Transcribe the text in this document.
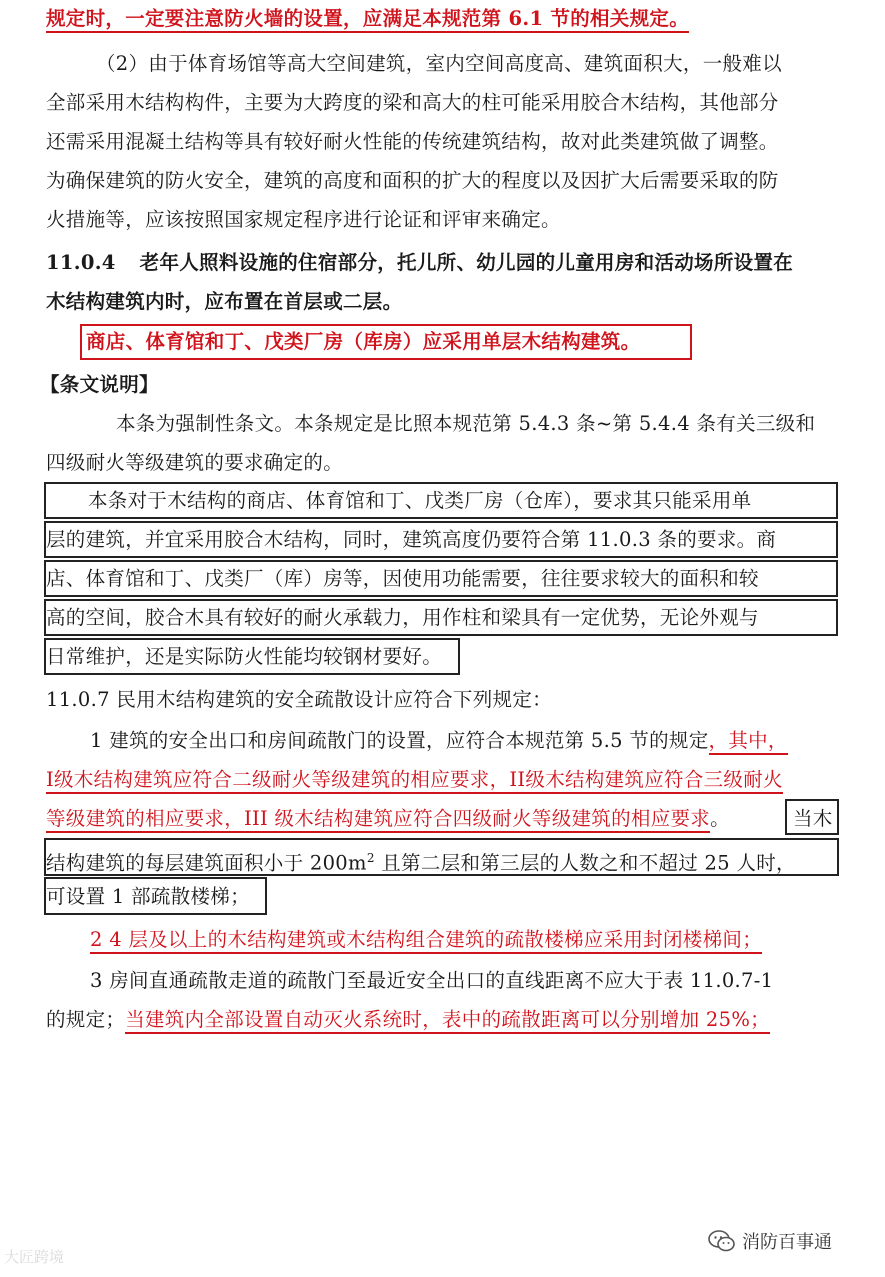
规定时，一定要注意防火墙的设置，应满足本规范第 6.1 节的相关规定。
（2）由于体育场馆等高大空间建筑，室内空间高度高、建筑面积大，一般难以
全部采用木结构构件，主要为大跨度的梁和高大的柱可能采用胶合木结构，其他部分
还需采用混凝土结构等具有较好耐火性能的传统建筑结构，故对此类建筑做了调整。
为确保建筑的防火安全，建筑的高度和面积的扩大的程度以及因扩大后需要采取的防
火措施等，应该按照国家规定程序进行论证和评审来确定。
11.0.4 老年人照料设施的住宿部分，托儿所、幼儿园的儿童用房和活动场所设置在
木结构建筑内时，应布置在首层或二层。
商店、体育馆和丁、戊类厂房（库房）应采用单层木结构建筑。
【条文说明】
本条为强制性条文。本条规定是比照本规范第 5.4.3 条~第 5.4.4 条有关三级和
四级耐火等级建筑的要求确定的。
本条对于木结构的商店、体育馆和丁、戊类厂房（仓库），要求其只能采用单
层的建筑，并宜采用胶合木结构，同时，建筑高度仍要符合第 11.0.3 条的要求。商
店、体育馆和丁、戊类厂（库）房等，因使用功能需要，往往要求较大的面积和较
高的空间，胶合木具有较好的耐火承载力，用作柱和梁具有一定优势，无论外观与
日常维护，还是实际防火性能均较钢材要好。
11.0.7 民用木结构建筑的安全疏散设计应符合下列规定：
1 建筑的安全出口和房间疏散门的设置，应符合本规范第 5.5 节的规定，其中，
I级木结构建筑应符合二级耐火等级建筑的相应要求，II级木结构建筑应符合三级耐火
等级建筑的相应要求，III 级木结构建筑应符合四级耐火等级建筑的相应要求。	当木
结构建筑的每层建筑面积小于 $200m^2$ 且第二层和第三层的人数之和不超过 25 人时，
可设置 1 部疏散楼梯；
2 4 层及以上的木结构建筑或木结构组合建筑的疏散楼梯应采用封闭楼梯间；
3 房间直通疏散走道的疏散门至最近安全出口的直线距离不应大于表 11.0.7-1
的规定；当建筑内全部设置自动灭火系统时，表中的疏散距离可以分别增加 25%；
大匠跨境
消防百事通
